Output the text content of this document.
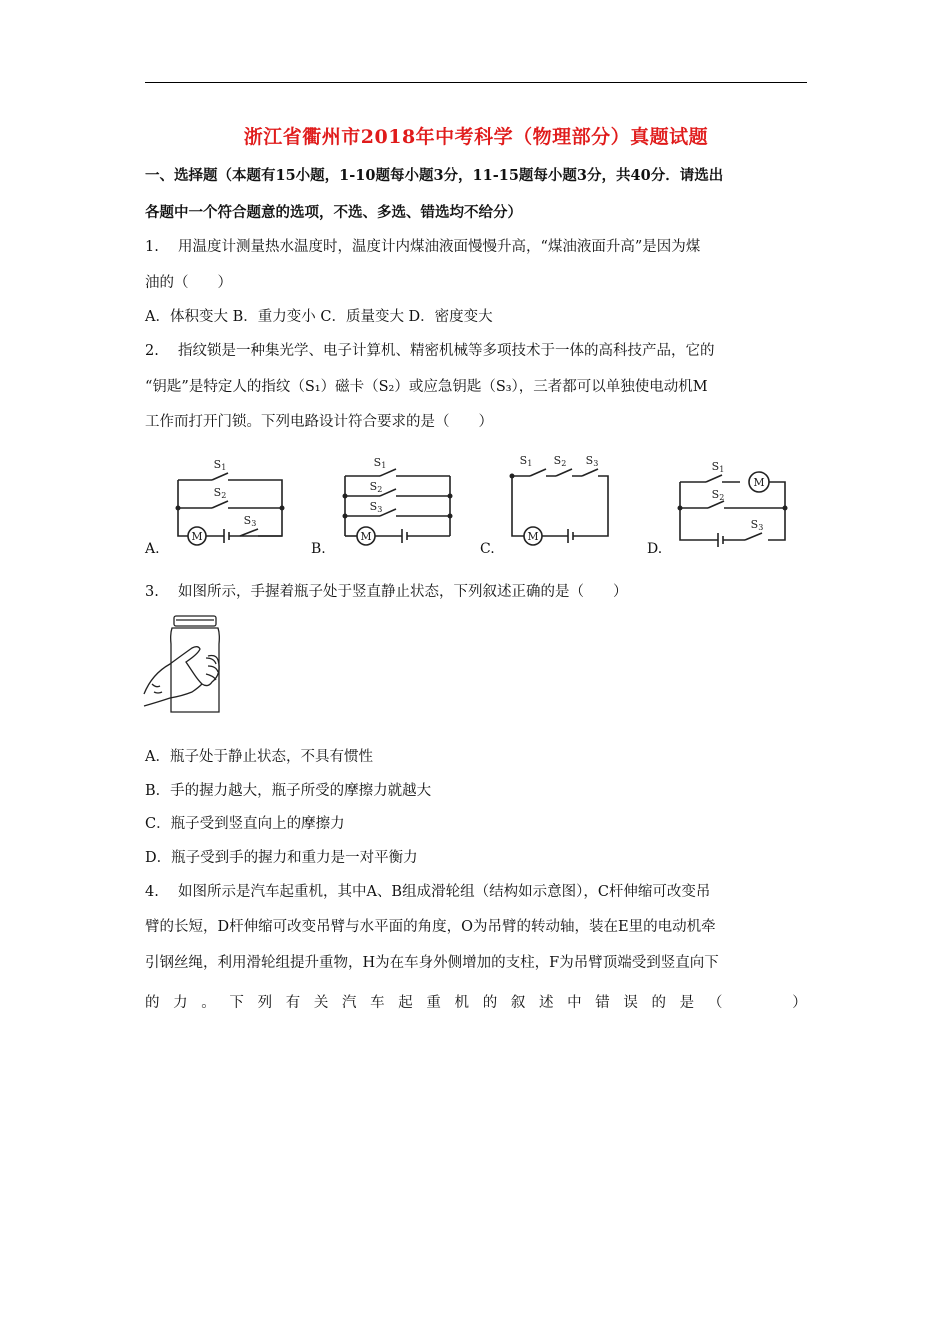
浙江省衢州市2018年中考科学（物理部分）真题试题
一、选择题（本题有15小题，1-10题每小题3分，11-15题每小题3分，共40分．请选出
各题中一个符合题意的选项，不选、多选、错选均不给分）
1.　 用温度计测量热水温度时，温度计内煤油液面慢慢升高，“煤油液面升高”是因为煤
油的（　　）
A．体积变大 B．重力变小 C．质量变大 D．密度变大
2.　 指纹锁是一种集光学、电子计算机、精密机械等多项技术于一体的高科技产品，它的
“钥匙”是特定人的指纹（S₁）磁卡（S₂）或应急钥匙（S₃），三者都可以单独使电动机M
工作而打开门锁。下列电路设计符合要求的是（　　）
S1
S2
S3
M
S1
S2
S3
M
S1 S2 S3
M
S1
S2
S3
M
A.	B.	C.	D.
3.　 如图所示，手握着瓶子处于竖直静止状态，下列叙述正确的是（　　）
A．瓶子处于静止状态，不具有惯性
B．手的握力越大，瓶子所受的摩擦力就越大
C．瓶子受到竖直向上的摩擦力
D．瓶子受到手的握力和重力是一对平衡力
4.　 如图所示是汽车起重机，其中A、B组成滑轮组（结构如示意图），C杆伸缩可改变吊
臂的长短，D杆伸缩可改变吊臂与水平面的角度，O为吊臂的转动轴，装在E里的电动机牵
引钢丝绳，利用滑轮组提升重物，H为在车身外侧增加的支柱，F为吊臂顶端受到竖直向下
的 力 。 下 列 有 关 汽 车 起 重 机 的 叙 述 中 错 误 的 是 （

　	）
